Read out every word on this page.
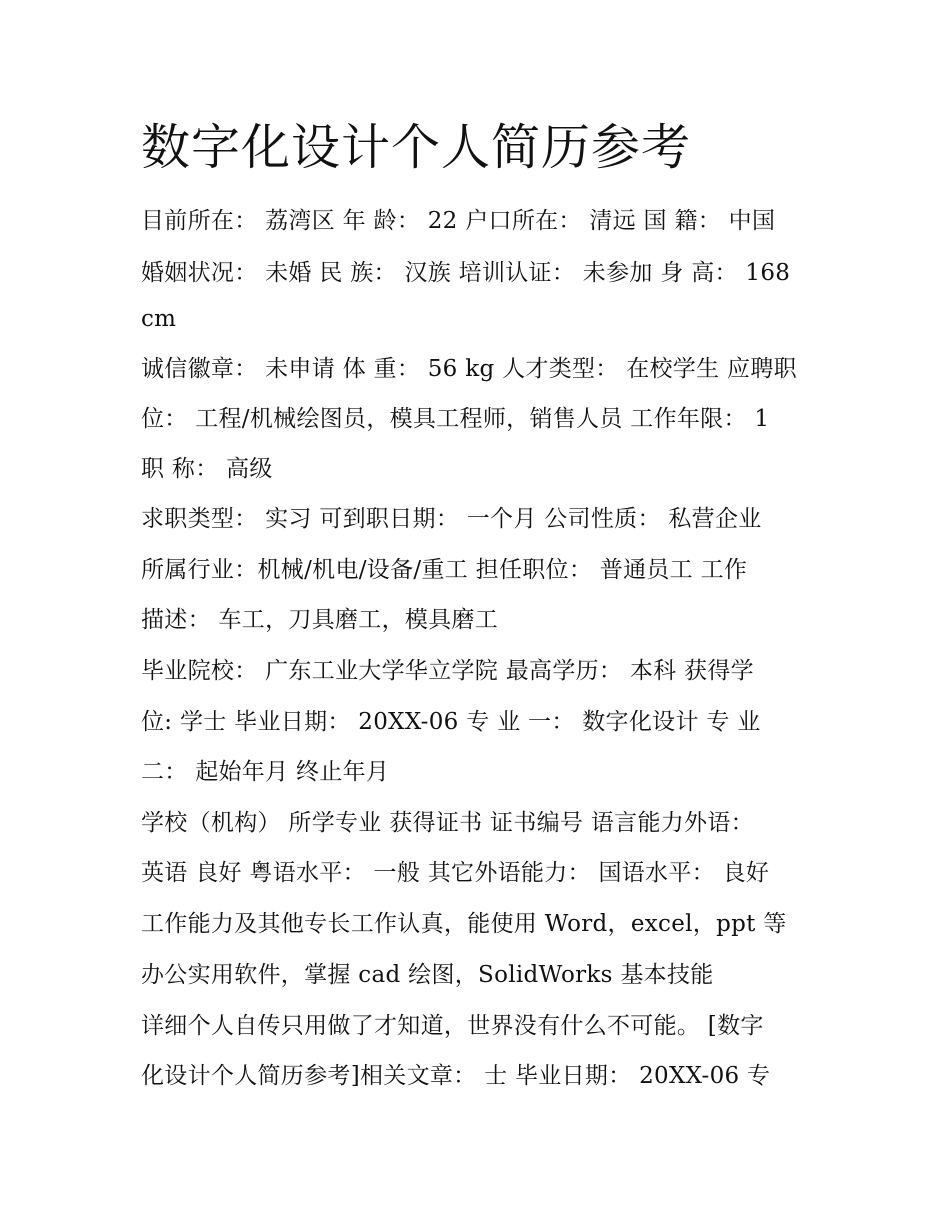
数字化设计个人简历参考
目前所在： 荔湾区 年 龄： 22 户口所在： 清远 国 籍： 中国
婚姻状况： 未婚 民 族： 汉族 培训认证： 未参加 身 高： 168
cm
诚信徽章： 未申请 体 重： 56 kg 人才类型： 在校学生 应聘职
位： 工程/机械绘图员，模具工程师，销售人员 工作年限： 1
职 称： 高级
求职类型： 实习 可到职日期： 一个月 公司性质： 私营企业
所属行业：机械/机电/设备/重工 担任职位： 普通员工 工作
描述： 车工，刀具磨工，模具磨工
毕业院校： 广东工业大学华立学院 最高学历： 本科 获得学
位: 学士 毕业日期： 20XX-06 专 业 一： 数字化设计 专 业
二： 起始年月 终止年月
学校（机构） 所学专业 获得证书 证书编号 语言能力外语：
英语 良好 粤语水平： 一般 其它外语能力： 国语水平： 良好
工作能力及其他专长工作认真，能使用 Word，excel，ppt 等
办公实用软件，掌握 cad 绘图，SolidWorks 基本技能
详细个人自传只用做了才知道，世界没有什么不可能。 [数字
化设计个人简历参考]相关文章： 士 毕业日期： 20XX-06 专
